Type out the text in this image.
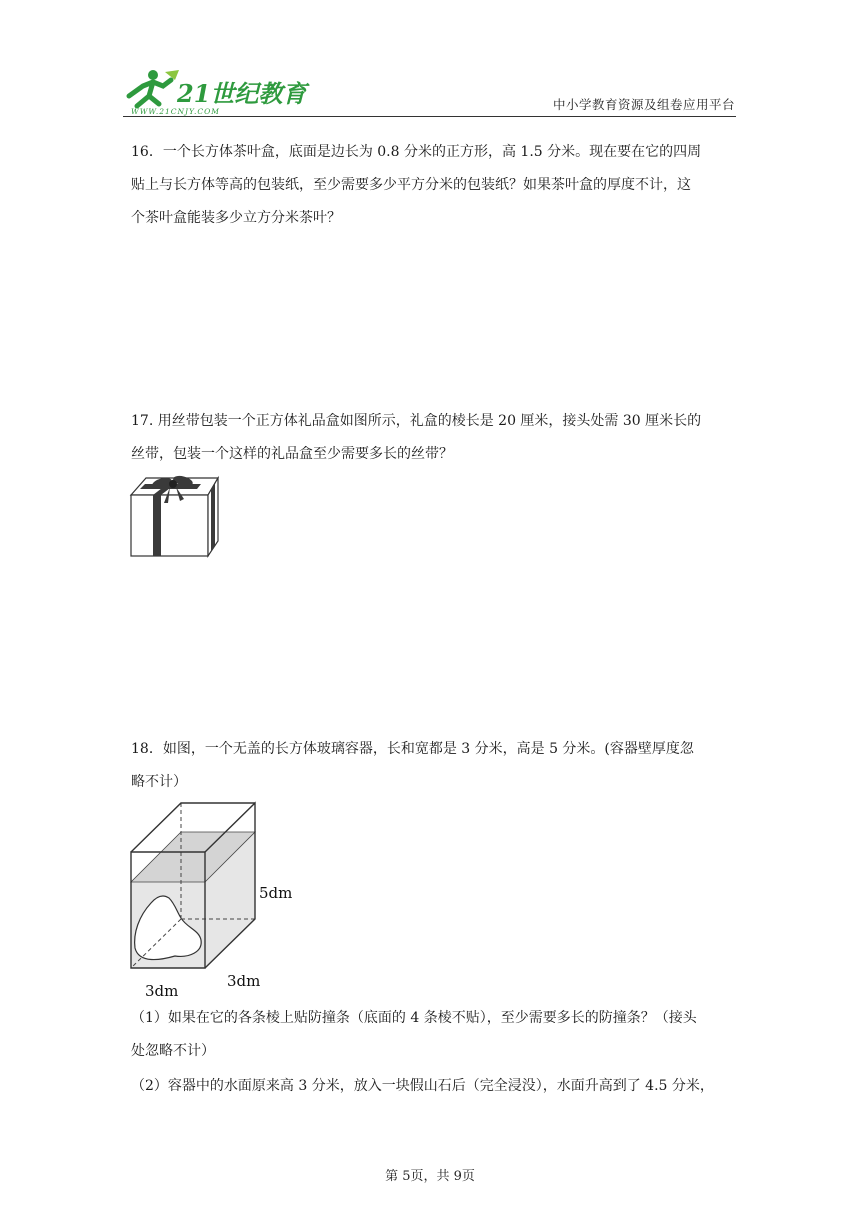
21世纪教育
WWW.21CNJY.COM	中小学教育资源及组卷应用平台

16．一个长方体茶叶盒，底面是边长为 0.8 分米的正方形，高 1.5 分米。现在要在它的四周

贴上与长方体等高的包装纸，至少需要多少平方分米的包装纸？如果茶叶盒的厚度不计，这

个茶叶盒能装多少立方分米茶叶？

17. 用丝带包装一个正方体礼品盒如图所示，礼盒的棱长是 20 厘米，接头处需 30 厘米长的

丝带，包装一个这样的礼品盒至少需要多长的丝带？

18．如图，一个无盖的长方体玻璃容器，长和宽都是 3 分米，高是 5 分米。(容器壁厚度忽

略不计）

5dm
3dm
3dm

（1）如果在它的各条棱上贴防撞条（底面的 4 条棱不贴），至少需要多长的防撞条？（接头

处忽略不计）

（2）容器中的水面原来高 3 分米，放入一块假山石后（完全浸没），水面升高到了 4.5 分米，

第 5页，共 9页
